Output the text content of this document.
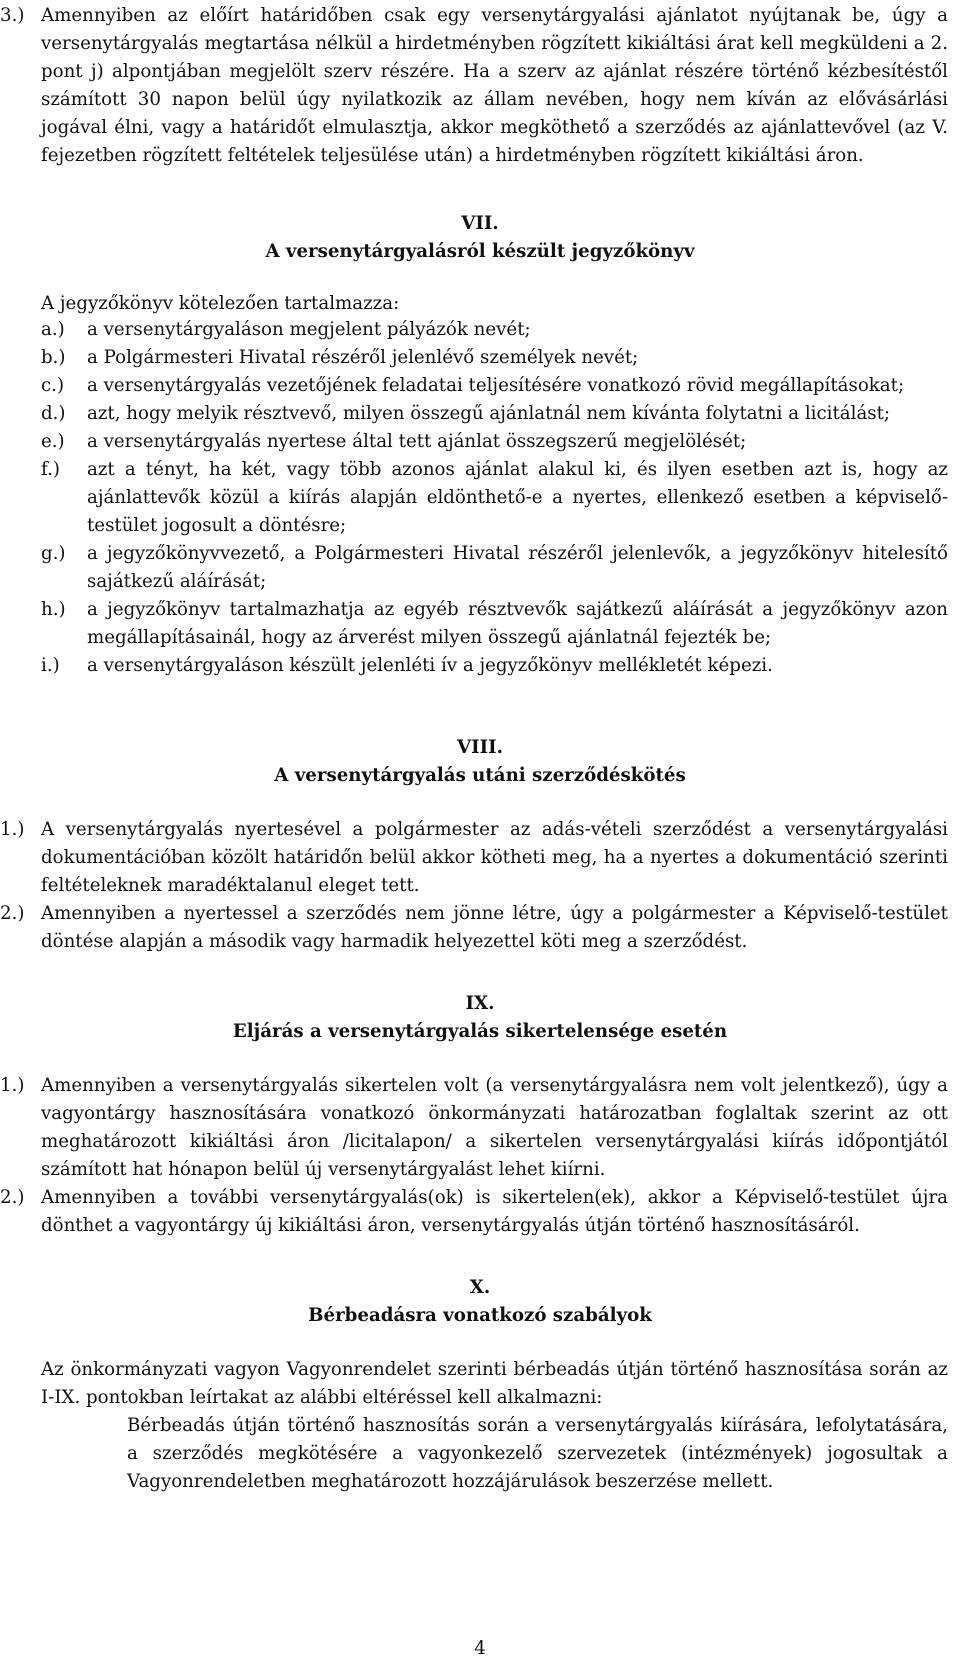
3.) Amennyiben az előírt határidőben csak egy versenytárgyalási ajánlatot nyújtanak be, úgy a versenytárgyalás megtartása nélkül a hirdetményben rögzített kikiáltási árat kell megküldeni a 2. pont j) alpontjában megjelölt szerv részére. Ha a szerv az ajánlat részére történő kézbesítéstől számított 30 napon belül úgy nyilatkozik az állam nevében, hogy nem kíván az elővásárlási jogával élni, vagy a határidőt elmulasztja, akkor megköthető a szerződés az ajánlattevővel (az V. fejezetben rögzített feltételek teljesülése után) a hirdetményben rögzített kikiáltási áron.
VII.
A versenytárgyalásról készült jegyzőkönyv
A jegyzőkönyv kötelezően tartalmazza:
a.) a versenytárgyaláson megjelent pályázók nevét;
b.) a Polgármesteri Hivatal részéről jelenlévő személyek nevét;
c.) a versenytárgyalás vezetőjének feladatai teljesítésére vonatkozó rövid megállapításokat;
d.) azt, hogy melyik résztvevő, milyen összegű ajánlatnál nem kívánta folytatni a licitálást;
e.) a versenytárgyalás nyertese által tett ajánlat összegszerű megjelölését;
f.) azt a tényt, ha két, vagy több azonos ajánlat alakul ki, és ilyen esetben azt is, hogy az ajánlattevők közül a kiírás alapján eldönthető-e a nyertes, ellenkező esetben a képviselő-testület jogosult a döntésre;
g.) a jegyzőkönyvvezető, a Polgármesteri Hivatal részéről jelenlevők, a jegyzőkönyv hitelesítő sajátkezű aláírását;
h.) a jegyzőkönyv tartalmazhatja az egyéb résztvevők sajátkezű aláírását a jegyzőkönyv azon megállapításainál, hogy az árverést milyen összegű ajánlatnál fejezték be;
i.) a versenytárgyaláson készült jelenléti ív a jegyzőkönyv mellékletét képezi.
VIII.
A versenytárgyalás utáni szerződéskötés
1.) A versenytárgyalás nyertesével a polgármester az adás-vételi szerződést a versenytárgyalási dokumentációban közölt határidőn belül akkor kötheti meg, ha a nyertes a dokumentáció szerinti feltételeknek maradéktalanul eleget tett.
2.) Amennyiben a nyertessel a szerződés nem jönne létre, úgy a polgármester a Képviselő-testület döntése alapján a második vagy harmadik helyezettel köti meg a szerződést.
IX.
Eljárás a versenytárgyalás sikertelensége esetén
1.) Amennyiben a versenytárgyalás sikertelen volt (a versenytárgyalásra nem volt jelentkező), úgy a vagyontárgy hasznosítására vonatkozó önkormányzati határozatban foglaltak szerint az ott meghatározott kikiáltási áron /licitalapon/ a sikertelen versenytárgyalási kiírás időpontjától számított hat hónapon belül új versenytárgyalást lehet kiírni.
2.) Amennyiben a további versenytárgyalás(ok) is sikertelen(ek), akkor a Képviselő-testület újra dönthet a vagyontárgy új kikiáltási áron, versenytárgyalás útján történő hasznosításáról.
X.
Bérbeadásra vonatkozó szabályok
Az önkormányzati vagyon Vagyonrendelet szerinti bérbeadás útján történő hasznosítása során az I-IX. pontokban leírtakat az alábbi eltéréssel kell alkalmazni:
Bérbeadás útján történő hasznosítás során a versenytárgyalás kiírására, lefolytatására, a szerződés megkötésére a vagyonkezelő szervezetek (intézmények) jogosultak a Vagyonrendeletben meghatározott hozzájárulások beszerzése mellett.
4
